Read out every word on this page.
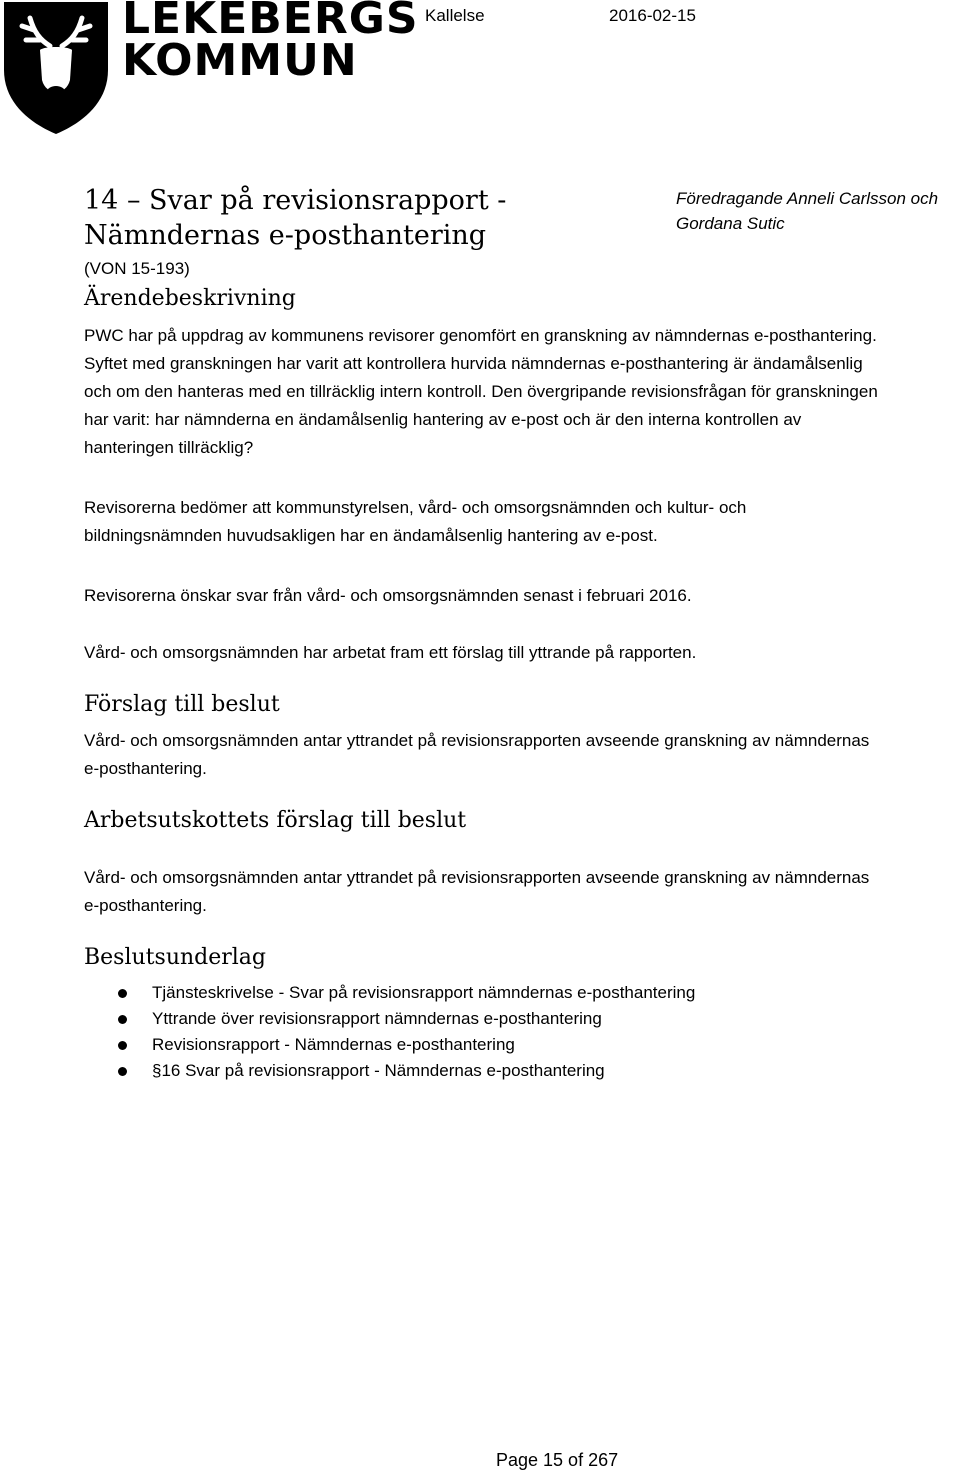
LEKEBERGS
KOMMUN
Kallelse	2016-02-15
14 – Svar på revisionsrapport - Nämndernas e-posthantering
Föredragande Anneli Carlsson och Gordana Sutic
(VON 15-193)
Ärendebeskrivning
PWC har på uppdrag av kommunens revisorer genomfört en granskning av nämndernas e-posthantering. Syftet med granskningen har varit att kontrollera hurvida nämndernas e-posthantering är ändamålsenlig och om den hanteras med en tillräcklig intern kontroll. Den övergripande revisionsfrågan för granskningen har varit: har nämnderna en ändamålsenlig hantering av e-post och är den interna kontrollen av hanteringen tillräcklig?
Revisorerna bedömer att kommunstyrelsen, vård- och omsorgsnämnden och kultur- och bildningsnämnden huvudsakligen har en ändamålsenlig hantering av e-post.
Revisorerna önskar svar från vård- och omsorgsnämnden senast i februari 2016.
Vård- och omsorgsnämnden har arbetat fram ett förslag till yttrande på rapporten.
Förslag till beslut
Vård- och omsorgsnämnden antar yttrandet på revisionsrapporten avseende granskning av nämndernas e-posthantering.
Arbetsutskottets förslag till beslut
Vård- och omsorgsnämnden antar yttrandet på revisionsrapporten avseende granskning av nämndernas e-posthantering.
Beslutsunderlag
Tjänsteskrivelse - Svar på revisionsrapport nämndernas e-posthantering
Yttrande över revisionsrapport nämndernas e-posthantering
Revisionsrapport - Nämndernas e-posthantering
§16 Svar på revisionsrapport - Nämndernas e-posthantering
Page 15 of 267
